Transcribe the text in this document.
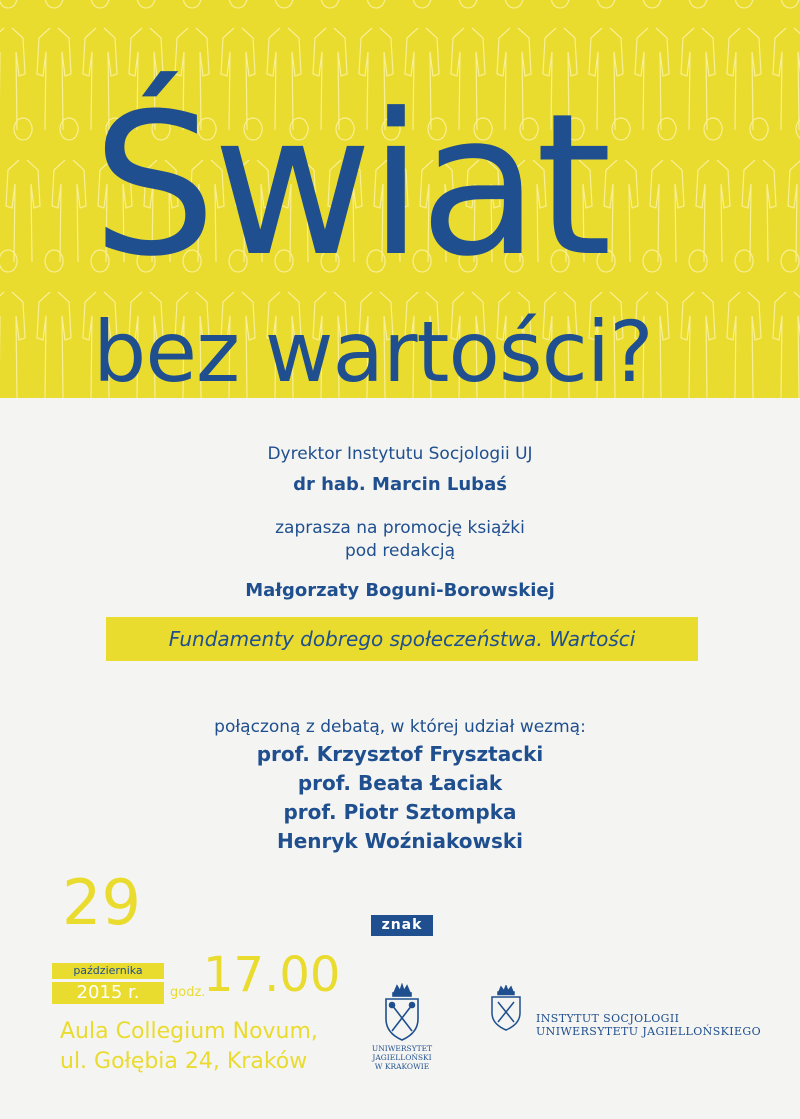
Świat
bez wartości?
Dyrektor Instytutu Socjologii UJ
dr hab. Marcin Lubaś
zaprasza na promocję książki
pod redakcją
Małgorzaty Boguni-Borowskiej
Fundamenty dobrego społeczeństwa. Wartości
połączoną z debatą, w której udział wezmą:
prof. Krzysztof Frysztacki
prof. Beata Łaciak
prof. Piotr Sztompka
Henryk Woźniakowski
29
października
2015 r.	godz.
17.00
Aula Collegium Novum,
ul. Gołębia 24, Kraków
znak
UNIWERSYTET
JAGIELLOŃSKI
W KRAKOWIE
INSTYTUT SOCJOLOGII
UNIWERSYTETU JAGIELLOŃSKIEGO
